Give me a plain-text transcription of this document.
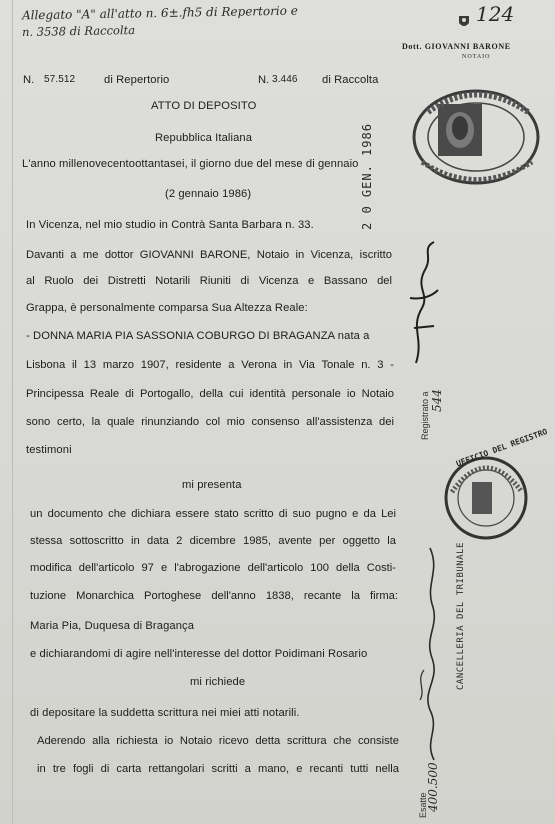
Allegato "A" all'atto n. 6±.fh5 di Repertorio e
n. 3538 di Raccolta
124
Dott. GIOVANNI BARONE
NOTAIO
N. 57.512	di Repertorio	N. 3.446 di Raccolta
ATTO DI DEPOSITO
Repubblica Italiana
L'anno millenovecentoottantasei, il giorno due del mese di gennaio
(2 gennaio 1986)
In Vicenza, nel mio studio in Contrà Santa Barbara n. 33.
Davanti a me dottor GIOVANNI BARONE, Notaio in Vicenza, iscritto
al Ruolo dei Distretti Notarili Riuniti di Vicenza e Bassano del
Grappa, è personalmente comparsa Sua Altezza Reale:
- DONNA MARIA PIA SASSONIA COBURGO DI BRAGANZA nata a
Lisbona il 13 marzo 1907, residente a Verona in Via Tonale n. 3 -
Principessa Reale di Portogallo, della cui identità personale io Notaio
sono certo, la quale rinunziando col mio consenso all'assistenza dei
testimoni
mi presenta
un documento che dichiara essere stato scritto di suo pugno e da Lei
stessa sottoscritto in data 2 dicembre 1985, avente per oggetto la
modifica dell'articolo 97 e l'abrogazione dell'articolo 100 della Costi-
tuzione Monarchica Portoghese dell'anno 1838, recante la firma:
Maria Pia, Duquesa di Bragança
e dichiarandomi di agire nell'interesse del dottor Poidimani Rosario
mi richiede
di depositare la suddetta scrittura nei miei atti notarili.
Aderendo alla richiesta io Notaio ricevo detta scrittura che consiste
in tre fogli di carta rettangolari scritti a mano, e recanti tutti nella
2 0 GEN. 1986
Registrato a 544
UFFICIO DEL REGISTRO
CANCELLERIA DEL TRIBUNALE
Esatte
400.500
